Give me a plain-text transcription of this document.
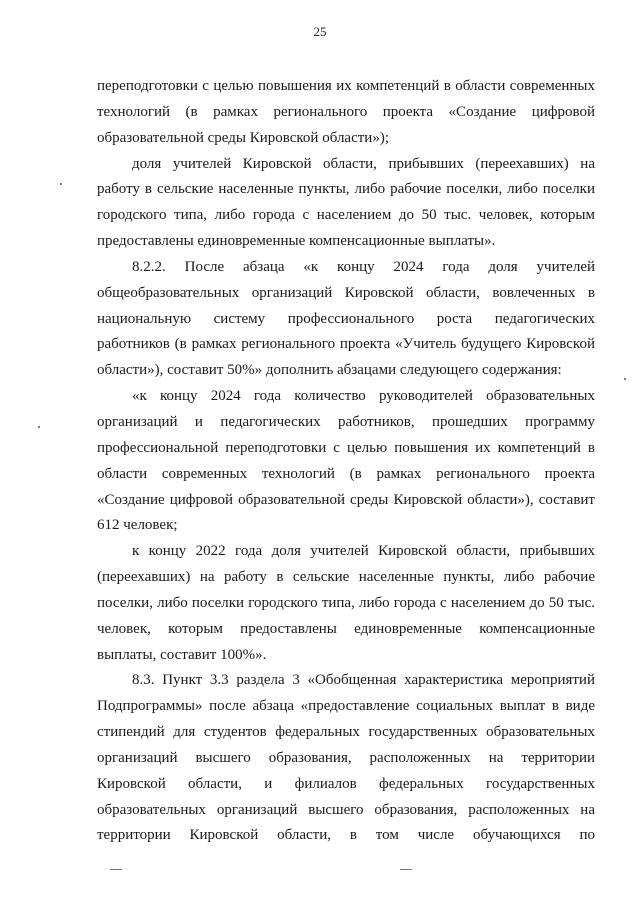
25

переподготовки с целью повышения их компетенций в области современных технологий (в рамках регионального проекта «Создание цифровой образовательной среды Кировской области»);

доля учителей Кировской области, прибывших (переехавших) на работу в сельские населенные пункты, либо рабочие поселки, либо поселки городского типа, либо города с населением до 50 тыс. человек, которым предоставлены единовременные компенсационные выплаты».

8.2.2. После абзаца «к концу 2024 года доля учителей общеобразовательных организаций Кировской области, вовлеченных в национальную систему профессионального роста педагогических работников (в рамках регионального проекта «Учитель будущего Кировской области»), составит 50%» дополнить абзацами следующего содержания:

«к концу 2024 года количество руководителей образовательных организаций и педагогических работников, прошедших программу профессиональной переподготовки с целью повышения их компетенций в области современных технологий (в рамках регионального проекта «Создание цифровой образовательной среды Кировской области»), составит 612 человек;

к концу 2022 года доля учителей Кировской области, прибывших (переехавших) на работу в сельские населенные пункты, либо рабочие поселки, либо поселки городского типа, либо города с населением до 50 тыс. человек, которым предоставлены единовременные компенсационные выплаты, составит 100%».

8.3. Пункт 3.3 раздела 3 «Обобщенная характеристика мероприятий Подпрограммы» после абзаца «предоставление социальных выплат в виде стипендий для студентов федеральных государственных образовательных организаций высшего образования, расположенных на территории Кировской области, и филиалов федеральных государственных образовательных организаций высшего образования, расположенных на территории Кировской области, в том числе обучающихся по
